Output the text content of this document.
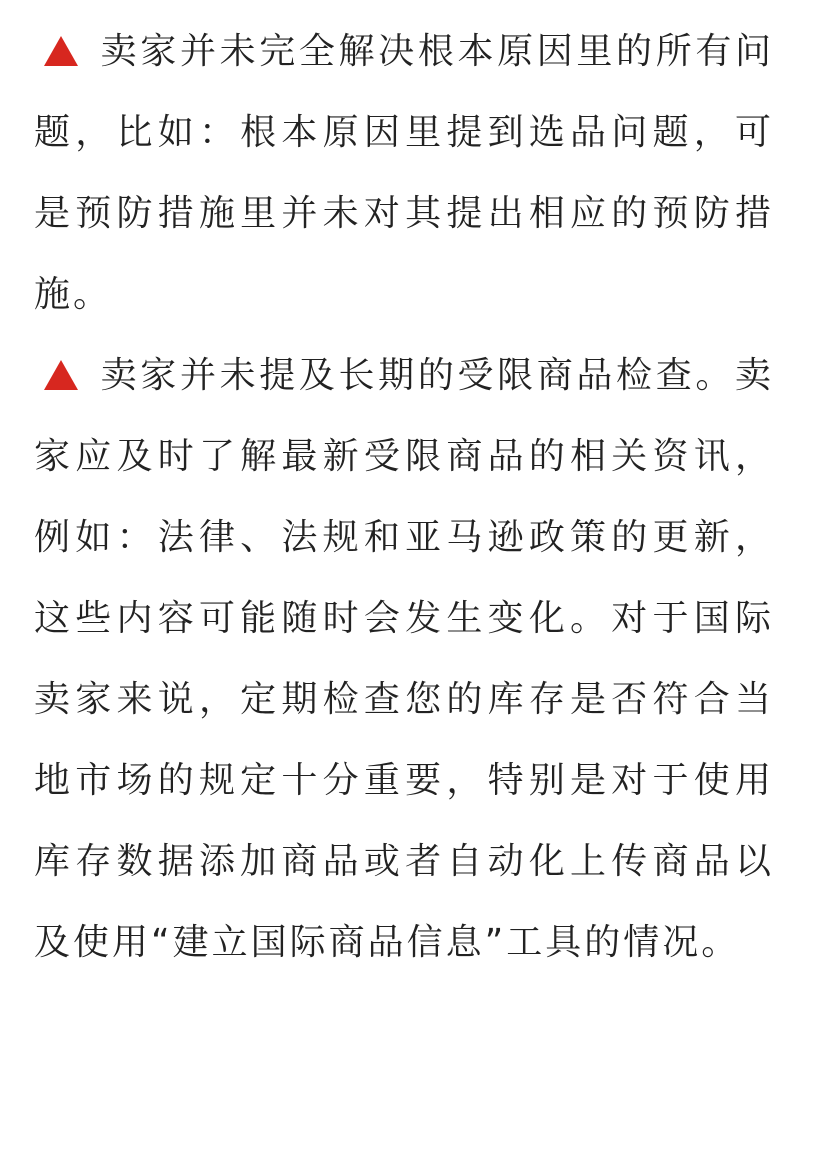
卖家并未完全解决根本原因里的所有问题，比如：根本原因里提到选品问题，可是预防措施里并未对其提出相应的预防措施。

卖家并未提及长期的受限商品检查。卖家应及时了解最新受限商品的相关资讯，例如：法律、法规和亚马逊政策的更新，这些内容可能随时会发生变化。对于国际卖家来说，定期检查您的库存是否符合当地市场的规定十分重要，特别是对于使用库存数据添加商品或者自动化上传商品以及使用“建立国际商品信息”工具的情况。
